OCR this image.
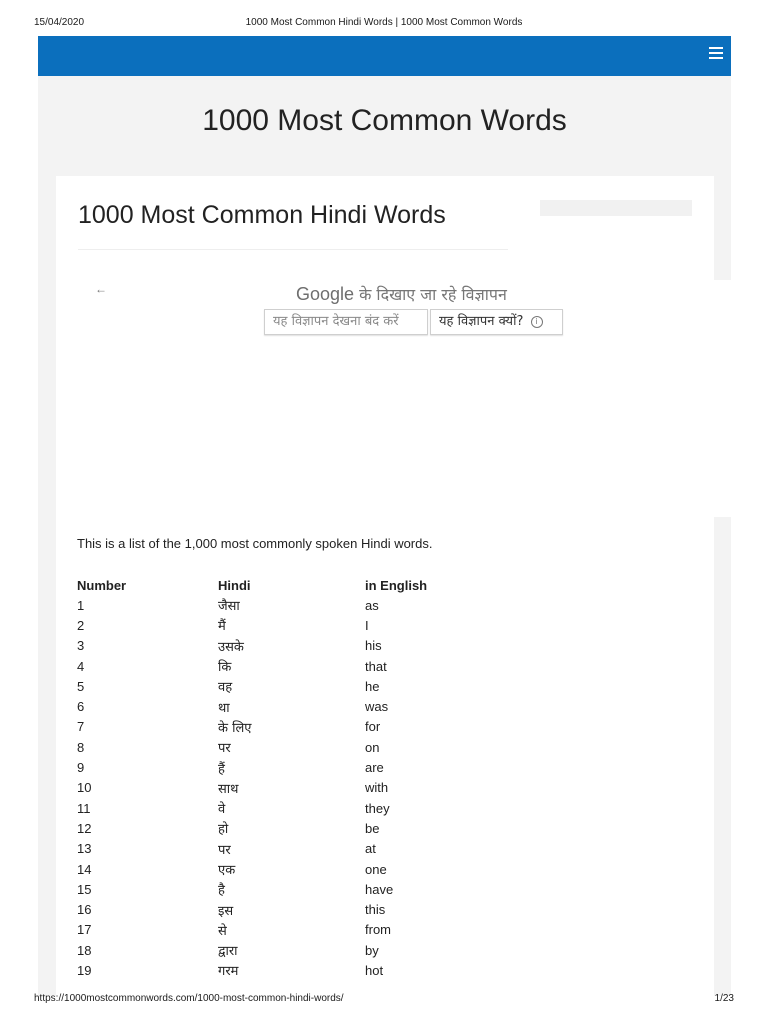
15/04/2020	1000 Most Common Hindi Words | 1000 Most Common Words
1000 Most Common Words
1000 Most Common Hindi Words
←	Google के दिखाए जा रहे विज्ञापन
यह विज्ञापन देखना बंद करें	यह विज्ञापन क्यों? i
This is a list of the 1,000 most commonly spoken Hindi words.
Number	Hindi	in English
1	जैसा	as
2	मैं	I
3	उसके	his
4	कि	that
5	वह	he
6	था	was
7	के लिए	for
8	पर	on
9	हैं	are
10	साथ	with
11	वे	they
12	हो	be
13	पर	at
14	एक	one
15	है	have
16	इस	this
17	से	from
18	द्वारा	by
19	गरम	hot
https://1000mostcommonwords.com/1000-most-common-hindi-words/	1/23
